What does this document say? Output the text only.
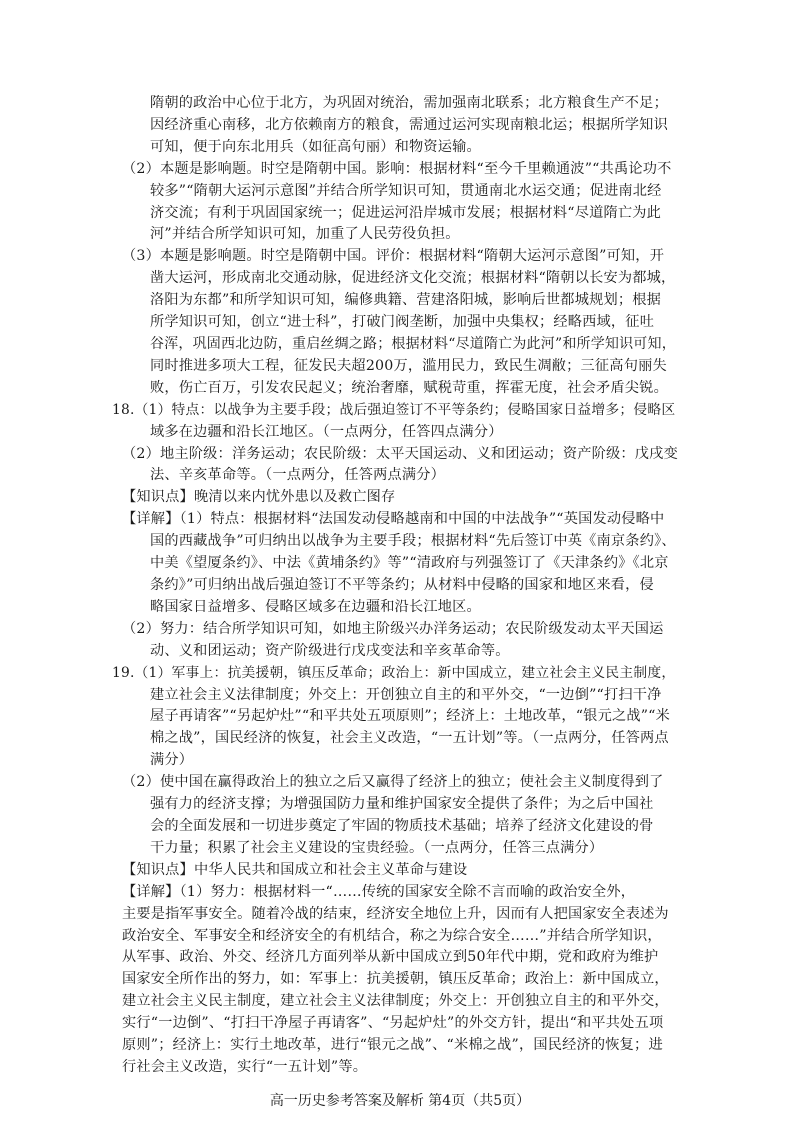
隋朝的政治中心位于北方，为巩固对统治，需加强南北联系；北方粮食生产不足；
因经济重心南移，北方依赖南方的粮食，需通过运河实现南粮北运；根据所学知识
可知，便于向东北用兵（如征高句丽）和物资运输。
（2）本题是影响题。时空是隋朝中国。影响：根据材料“至今千里赖通波”“共禹论功不
较多”“隋朝大运河示意图”并结合所学知识可知，贯通南北水运交通；促进南北经
济交流；有利于巩固国家统一；促进运河沿岸城市发展；根据材料“尽道隋亡为此
河”并结合所学知识可知，加重了人民劳役负担。
（3）本题是影响题。时空是隋朝中国。评价：根据材料“隋朝大运河示意图”可知，开
凿大运河，形成南北交通动脉，促进经济文化交流；根据材料“隋朝以长安为都城，
洛阳为东都”和所学知识可知，编修典籍、营建洛阳城，影响后世都城规划；根据
所学知识可知，创立“进士科”，打破门阀垄断，加强中央集权；经略西域，征吐
谷浑，巩固西北边防，重启丝绸之路；根据材料“尽道隋亡为此河”和所学知识可知，
同时推进多项大工程，征发民夫超200万，滥用民力，致民生凋敝；三征高句丽失
败，伤亡百万，引发农民起义；统治奢靡，赋税苛重，挥霍无度，社会矛盾尖锐。
18.（1）特点：以战争为主要手段；战后强迫签订不平等条约；侵略国家日益增多；侵略区
域多在边疆和沿长江地区。（一点两分，任答四点满分）
（2）地主阶级：洋务运动；农民阶级：太平天国运动、义和团运动；资产阶级：戊戌变
法、辛亥革命等。（一点两分，任答两点满分）
【知识点】晚清以来内忧外患以及救亡图存
【详解】（1）特点：根据材料“法国发动侵略越南和中国的中法战争”“英国发动侵略中
国的西藏战争”可归纳出以战争为主要手段；根据材料“先后签订中英《南京条约》、
中美《望厦条约》、中法《黄埔条约》等”“清政府与列强签订了《天津条约》《北京
条约》”可归纳出战后强迫签订不平等条约；从材料中侵略的国家和地区来看，侵
略国家日益增多、侵略区域多在边疆和沿长江地区。
（2）努力：结合所学知识可知，如地主阶级兴办洋务运动；农民阶级发动太平天国运
动、义和团运动；资产阶级进行戊戌变法和辛亥革命等。
19.（1）军事上：抗美援朝，镇压反革命；政治上：新中国成立，建立社会主义民主制度，
建立社会主义法律制度；外交上：开创独立自主的和平外交，“一边倒”“打扫干净
屋子再请客”“另起炉灶”“和平共处五项原则”；经济上：土地改革，“银元之战”“米
棉之战”，国民经济的恢复，社会主义改造，“一五计划”等。（一点两分，任答两点
满分）
（2）使中国在赢得政治上的独立之后又赢得了经济上的独立；使社会主义制度得到了
强有力的经济支撑；为增强国防力量和维护国家安全提供了条件；为之后中国社
会的全面发展和一切进步奠定了牢固的物质技术基础；培养了经济文化建设的骨
干力量；积累了社会主义建设的宝贵经验。（一点两分，任答三点满分）
【知识点】中华人民共和国成立和社会主义革命与建设
【详解】（1）努力：根据材料一“……传统的国家安全除不言而喻的政治安全外，
主要是指军事安全。随着冷战的结束，经济安全地位上升，因而有人把国家安全表述为
政治安全、军事安全和经济安全的有机结合，称之为综合安全……”并结合所学知识，
从军事、政治、外交、经济几方面列举从新中国成立到50年代中期，党和政府为维护
国家安全所作出的努力，如：军事上：抗美援朝，镇压反革命；政治上：新中国成立，
建立社会主义民主制度，建立社会主义法律制度；外交上：开创独立自主的和平外交，
实行“一边倒”、“打扫干净屋子再请客”、“另起炉灶”的外交方针，提出“和平共处五项
原则”；经济上：实行土地改革，进行“银元之战”、“米棉之战”，国民经济的恢复；进
行社会主义改造，实行“一五计划”等。
高一历史参考答案及解析 第4页（共5页）
